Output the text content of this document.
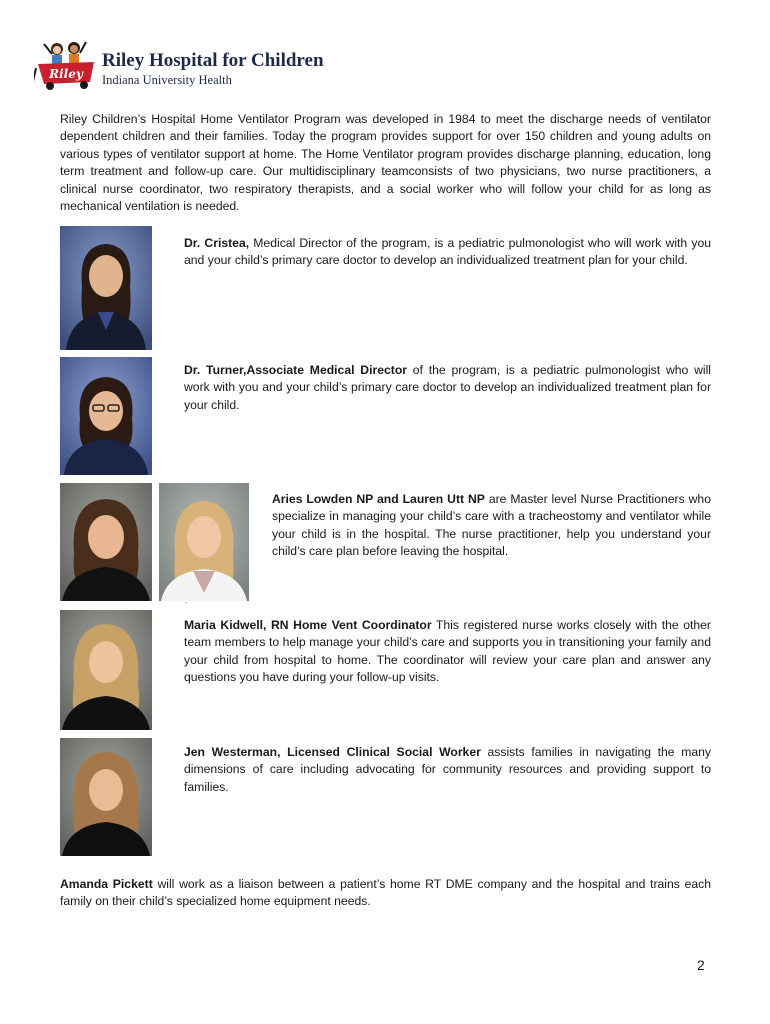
Riley
Riley Hospital for Children
Indiana University Health

Riley Children’s Hospital Home Ventilator Program was developed in 1984 to meet the discharge needs of ventilator dependent children and their families. Today the program provides support for over 150 children and young adults on various types of ventilator support at home. The Home Ventilator program provides discharge planning, education, long term treatment and follow-up care. Our multidisciplinary teamconsists of two physicians, two nurse practitioners, a clinical nurse coordinator, two respiratory therapists, and a social worker who will follow your child for as long as mechanical ventilation is needed.

Dr. Cristea, Medical Director of the program, is a pediatric pulmonologist who will work with you and your child’s primary care doctor to develop an individualized treatment plan for your child.

Dr. Turner,Associate Medical Director of the program, is a pediatric pulmonologist who will work with you and your child’s primary care doctor to develop an individualized treatment plan for your child.

Aries Lowden NP and Lauren Utt NP are Master level Nurse Practitioners who specialize in managing your child’s care with a tracheostomy and ventilator while your child is in the hospital. The nurse practitioner, help you understand your child’s care plan before leaving the hospital.

.

Maria Kidwell, RN Home Vent Coordinator This registered nurse works closely with the other team members to help manage your child’s care and supports you in transitioning your family and your child from hospital to home. The coordinator will review your care plan and answer any questions you have during your follow-up visits.

Jen Westerman, Licensed Clinical Social Worker assists families in navigating the many dimensions of care including advocating for community resources and providing support to families.

Amanda Pickett will work as a liaison between a patient’s home RT DME company and the hospital and trains each family on their child’s specialized home equipment needs.

2
